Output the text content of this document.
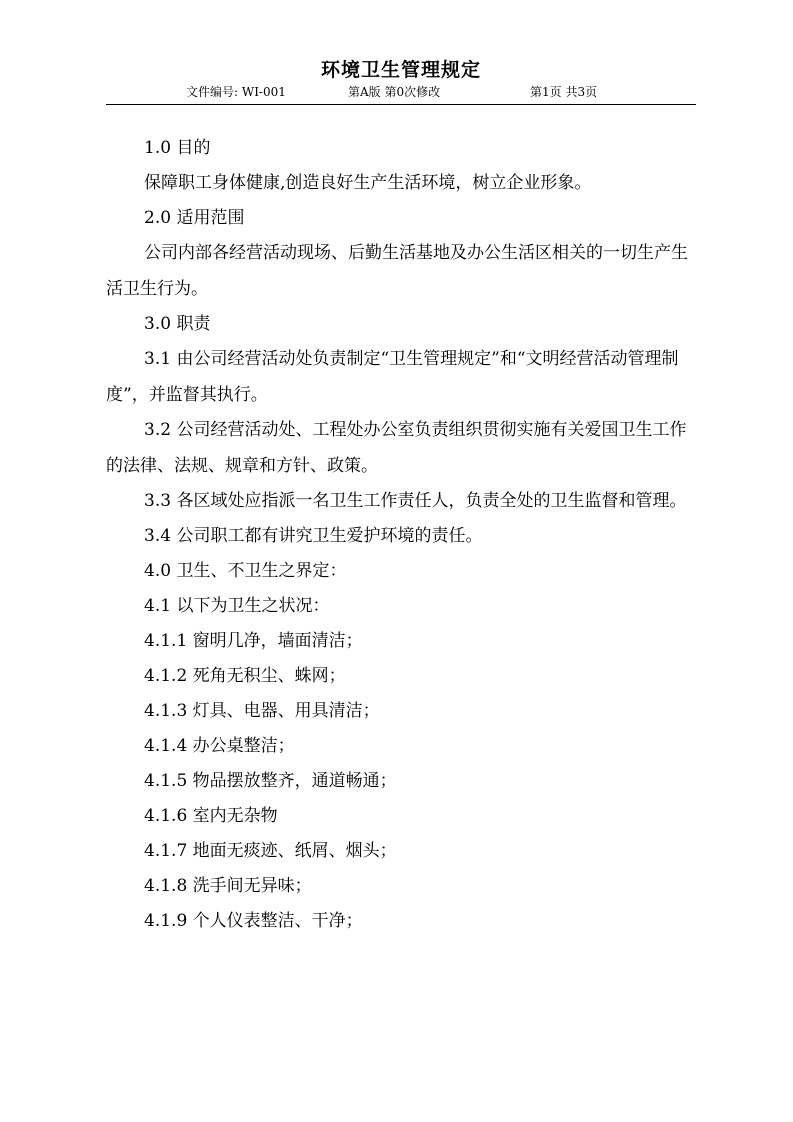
环境卫生管理规定
文件编号: WI-001	第A版 第0次修改	第1页 共3页

1.0 目的

保障职工身体健康,创造良好生产生活环境，树立企业形象。

2.0 适用范围

公司内部各经营活动现场、后勤生活基地及办公生活区相关的一切生产生活卫生行为。

3.0 职责

3.1 由公司经营活动处负责制定“卫生管理规定”和“文明经营活动管理制度”，并监督其执行。

3.2 公司经营活动处、工程处办公室负责组织贯彻实施有关爱国卫生工作的法律、法规、规章和方针、政策。

3.3 各区域处应指派一名卫生工作责任人，负责全处的卫生监督和管理。

3.4 公司职工都有讲究卫生爱护环境的责任。

4.0 卫生、不卫生之界定：

4.1 以下为卫生之状况：

4.1.1 窗明几净，墙面清洁；

4.1.2 死角无积尘、蛛网；

4.1.3 灯具、电器、用具清洁；

4.1.4 办公桌整洁；

4.1.5 物品摆放整齐，通道畅通；

4.1.6 室内无杂物

4.1.7 地面无痰迹、纸屑、烟头；

4.1.8 洗手间无异味；

4.1.9 个人仪表整洁、干净；
